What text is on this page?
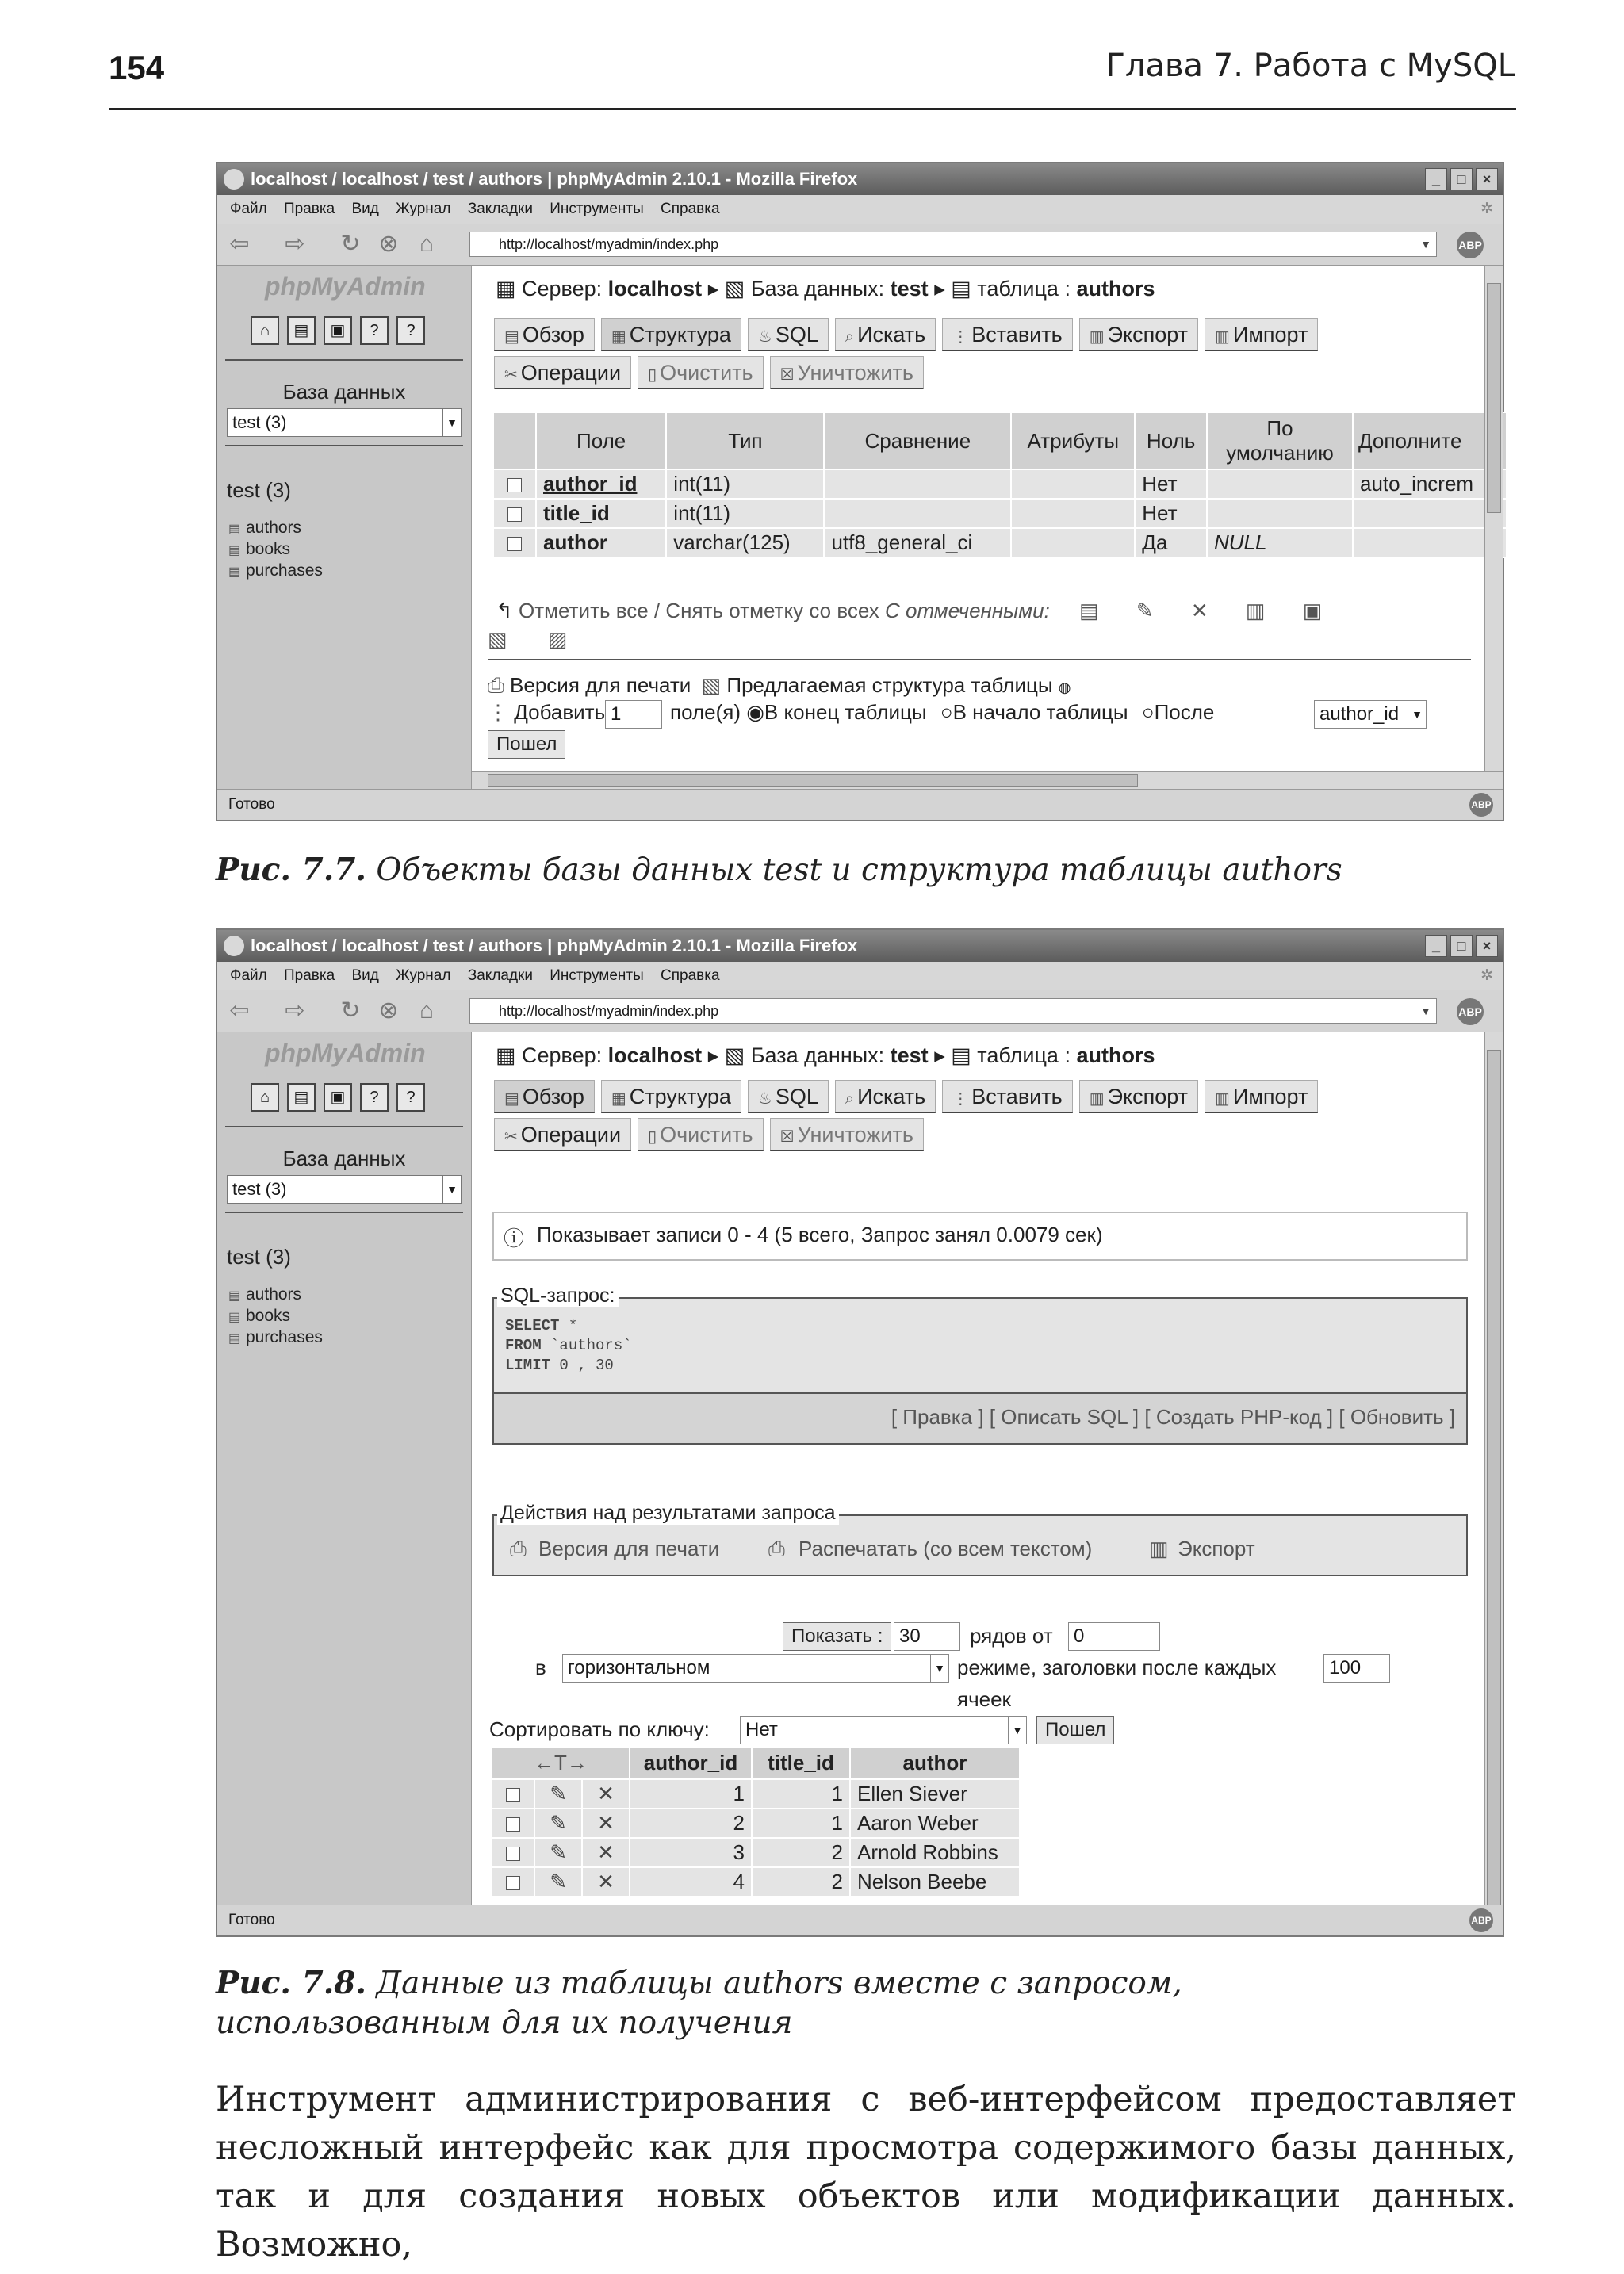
154	Глава 7. Работа с MySQL
localhost / localhost / test / authors | phpMyAdmin 2.10.1 - Mozilla Firefox	_	□	×
Файл Правка Вид Журнал Закладки Инструменты Справка	✲
⇦ ⇨ ↻ ⊗ ⌂	http://localhost/myadmin/index.php	▼	ABP
phpMyAdmin
⌂	▤	▣	?	?
База данных
test (3)	▼
test (3)
▤ authors
▤ books
▤ purchases
▦ Сервер: localhost ▸ ▧ База данных: test ▸ ▤ таблица : authors
▤ Обзор	▦ Структура	♨ SQL	⌕ Искать	⋮ Вставить	▥ Экспорт	▥ Импорт
✂ Операции	▯ Очистить	☒ Уничтожить
	Поле	Тип	Сравнение	Атрибуты	Ноль	По умолчанию	Дополните
	author_id	int(11)			Нет		auto_increm
	title_id	int(11)			Нет		
	author	varchar(125)	utf8_general_ci		Да	NULL	
↰ Отметить все / Снять отметку со всех С отмеченными: ▤ ✎ ✕ ▥ ▣
▧ ▨
⎙ Версия для печати ▧ Предлагаемая структура таблицы ◍
⋮ Добавить 1	поле(я) ◉В конец таблицы ○В начало таблицы ○После	author_id	▼
Пошел
Готово	ABP
Рис. 7.7. Объекты базы данных test и структура таблицы authors
localhost / localhost / test / authors | phpMyAdmin 2.10.1 - Mozilla Firefox	_	□	×
Файл Правка Вид Журнал Закладки Инструменты Справка	✲
⇦ ⇨ ↻ ⊗ ⌂	http://localhost/myadmin/index.php	▼	ABP
phpMyAdmin
⌂	▤	▣	?	?
База данных
test (3)	▼
test (3)
▤ authors
▤ books
▤ purchases
▦ Сервер: localhost ▸ ▧ База данных: test ▸ ▤ таблица : authors
▤ Обзор	▦ Структура	♨ SQL	⌕ Искать	⋮ Вставить	▥ Экспорт	▥ Импорт
✂ Операции	▯ Очистить	☒ Уничтожить
ⓘ Показывает записи 0 - 4 (5 всего, Запрос занял 0.0079 сек)
SQL-запрос:
SELECT *
FROM `authors`
LIMIT 0 , 30
[ Правка ] [ Описать SQL ] [ Создать PHP-код ] [ Обновить ]
Действия над результатами запроса
⎙ Версия для печати ⎙ Распечатать (со всем текстом)	▥ Экспорт
Показать : 30	рядов от 0
в горизонтальном	▼ режиме, заголовки после каждых	100
ячеек
Сортировать по ключу: Нет	▼	Пошел
←T→			author_id	title_id	author
	✎	✕	1	1	Ellen Siever
	✎	✕	2	1	Aaron Weber
	✎	✕	3	2	Arnold Robbins
	✎	✕	4	2	Nelson Beebe
Готово	ABP
Рис. 7.8. Данные из таблицы authors вместе с запросом,
использованным для их получения
Инструмент администрирования с веб-интерфейсом предоставляет несложный интерфейс как для просмотра содержимого базы данных, так и для создания новых объектов или модификации данных. Возможно,
